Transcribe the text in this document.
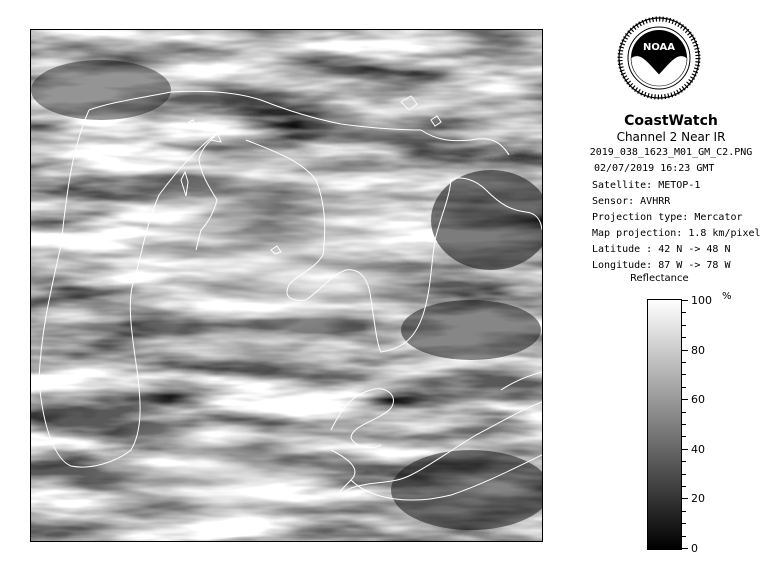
NOAA
CoastWatch
Channel 2 Near IR
2019_038_1623_M01_GM_C2.PNG
02/07/2019 16:23 GMT
Satellite: METOP-1
Sensor: AVHRR
Projection type: Mercator
Map projection: 1.8 km/pixel
Latitude : 42 N -> 48 N
Longitude: 87 W -> 78 W
Reflectance
%
100
80
60
40
20
0
